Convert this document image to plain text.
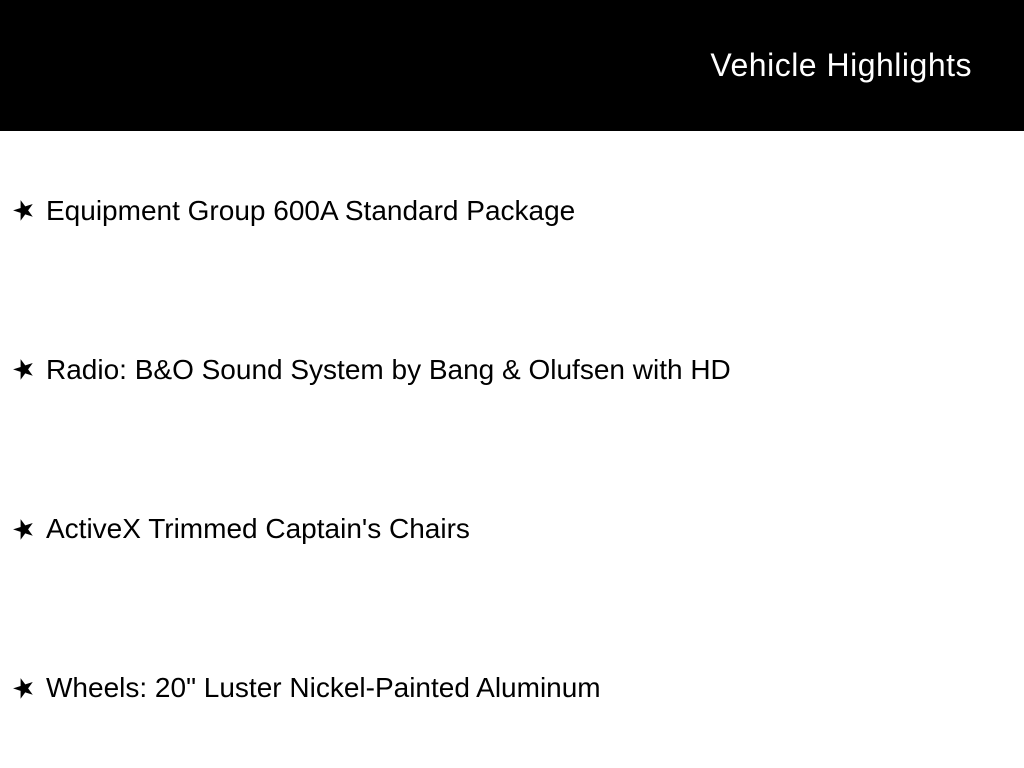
Vehicle Highlights
★ Equipment Group 600A Standard Package
★ Radio: B&O Sound System by Bang & Olufsen with HD
★ ActiveX Trimmed Captain's Chairs
★ Wheels: 20" Luster Nickel-Painted Aluminum
